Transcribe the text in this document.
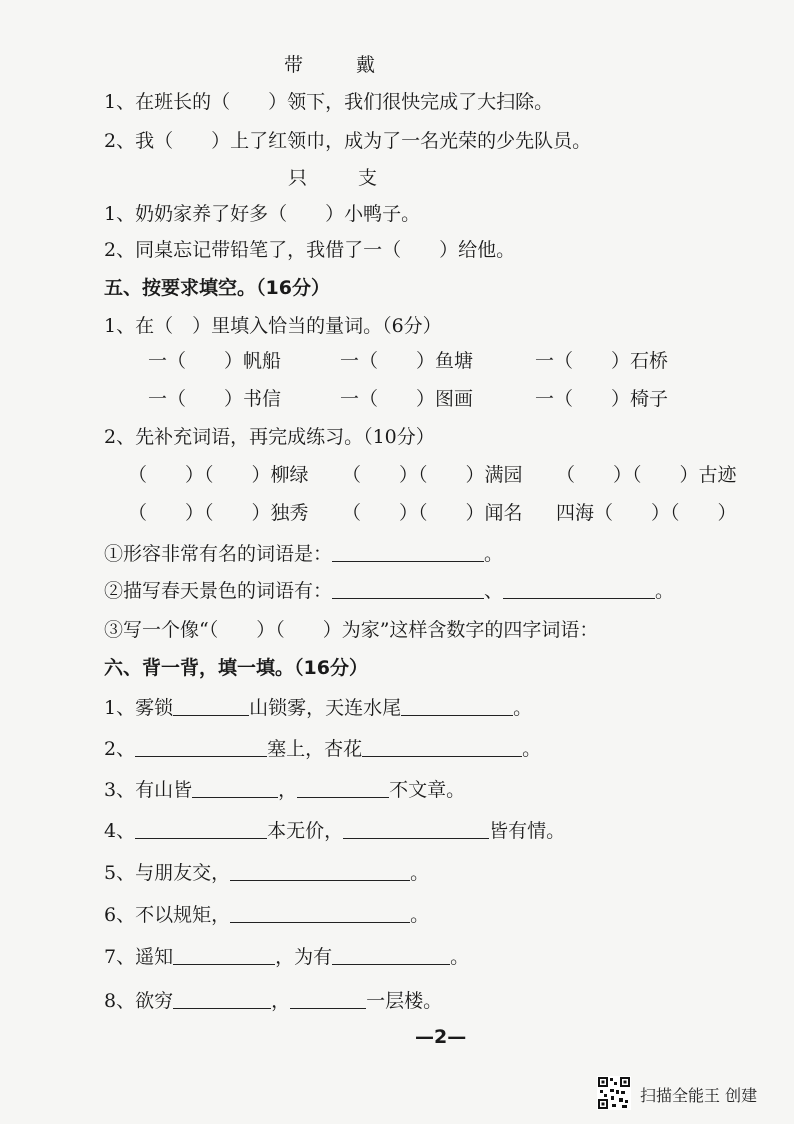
带	戴
1、在班长的（　　）领下，我们很快完成了大扫除。
2、我（　　）上了红领巾，成为了一名光荣的少先队员。
只	支
1、奶奶家养了好多（　　）小鸭子。
2、同桌忘记带铅笔了，我借了一（　　）给他。
五、按要求填空。（16分）
1、在（　）里填入恰当的量词。（6分）
一（　　）帆船	一（　　）鱼塘	一（　　）石桥
一（　　）书信	一（　　）图画	一（　　）椅子
2、先补充词语，再完成练习。（10分）
（　　）（　　）柳绿 （　　）（　　）满园 （　　）（　　）古迹
（　　）（　　）独秀 （　　）（　　）闻名 四海（　　）（　　）
①形容非常有名的词语是：	。
②描写春天景色的词语有：	、	。
③写一个像“（　　）（　　）为家”这样含数字的四字词语：
六、背一背，填一填。（16分）
1、雾锁	山锁雾，天连水尾	。
2、	塞上，杏花	。
3、有山皆	，	不文章。
4、	本无价，	皆有情。
5、与朋友交，	。
6、不以规矩，	。
7、遥知	，为有	。
8、欲穷	，	一层楼。
—2—
扫描全能王 创建
